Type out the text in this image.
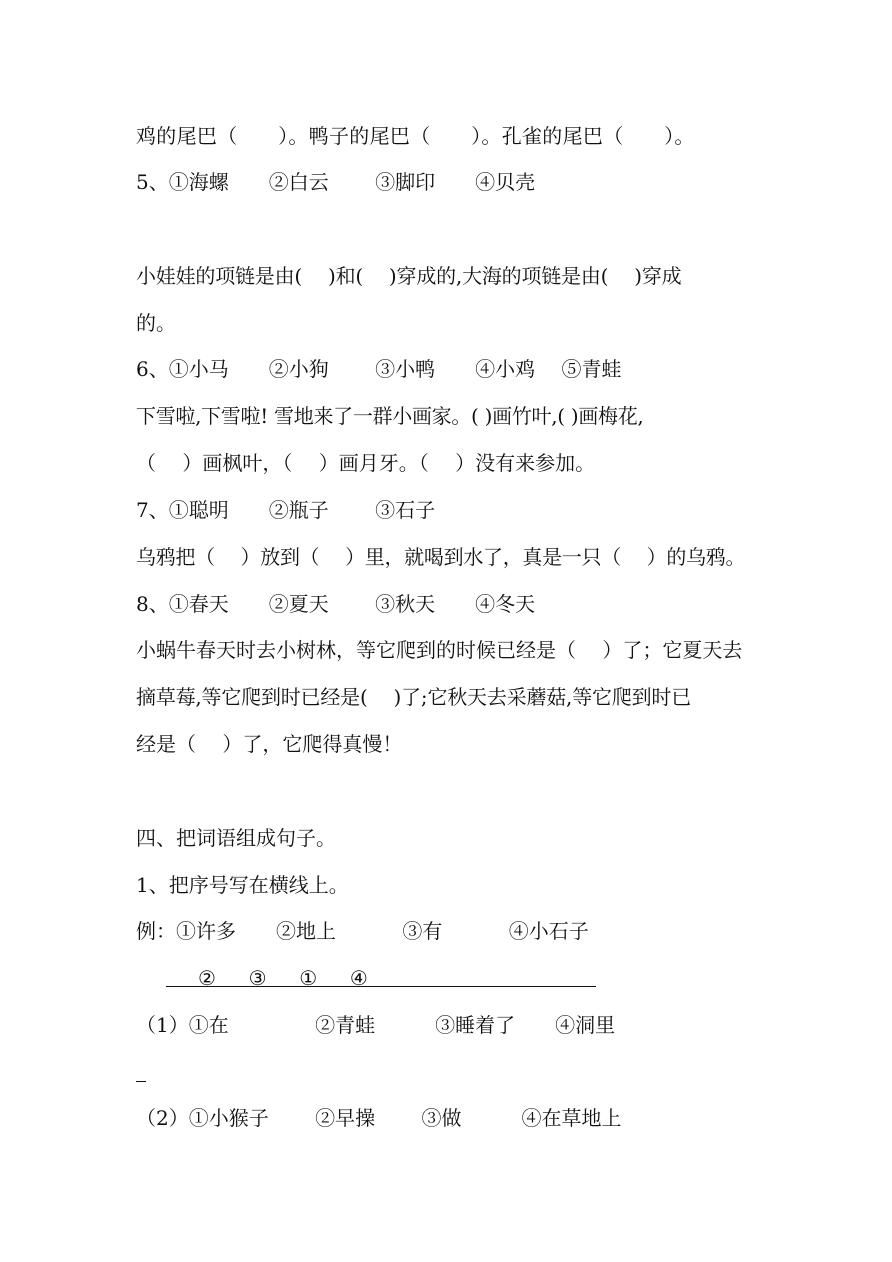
鸡的尾巴（　　）。鸭子的尾巴（　　）。孔雀的尾巴（　　）。
5、①海螺　　②白云　　 ③脚印　　④贝壳
小娃娃的项链是由(　 )和(　 )穿成的,大海的项链是由(　 )穿成
的。
6、①小马　　②小狗　　 ③小鸭　　④小鸡　 ⑤青蛙
下雪啦,下雪啦! 雪地来了一群小画家。( )画竹叶,( )画梅花,
（　 ）画枫叶，（　 ）画月牙。（　 ）没有来参加。
7、①聪明　　②瓶子　　 ③石子
乌鸦把（　 ）放到（　 ）里，就喝到水了，真是一只（　 ）的乌鸦。
8、①春天　　②夏天　　 ③秋天　　④冬天
小蜗牛春天时去小树林，等它爬到的时候已经是（　 ）了；它夏天去
摘草莓,等它爬到时已经是(　 )了;它秋天去采蘑菇,等它爬到时已
经是（　 ）了，它爬得真慢！
四、把词语组成句子。
1、把序号写在横线上。
例：①许多　　②地上　　　 ③有　　　 ④小石子
② 　 ③ 　 ① 　 ④
（1）①在　　　　 ②青蛙　　　③睡着了　　④洞里
（2）①小猴子　　 ②早操　　 ③做　　　④在草地上
